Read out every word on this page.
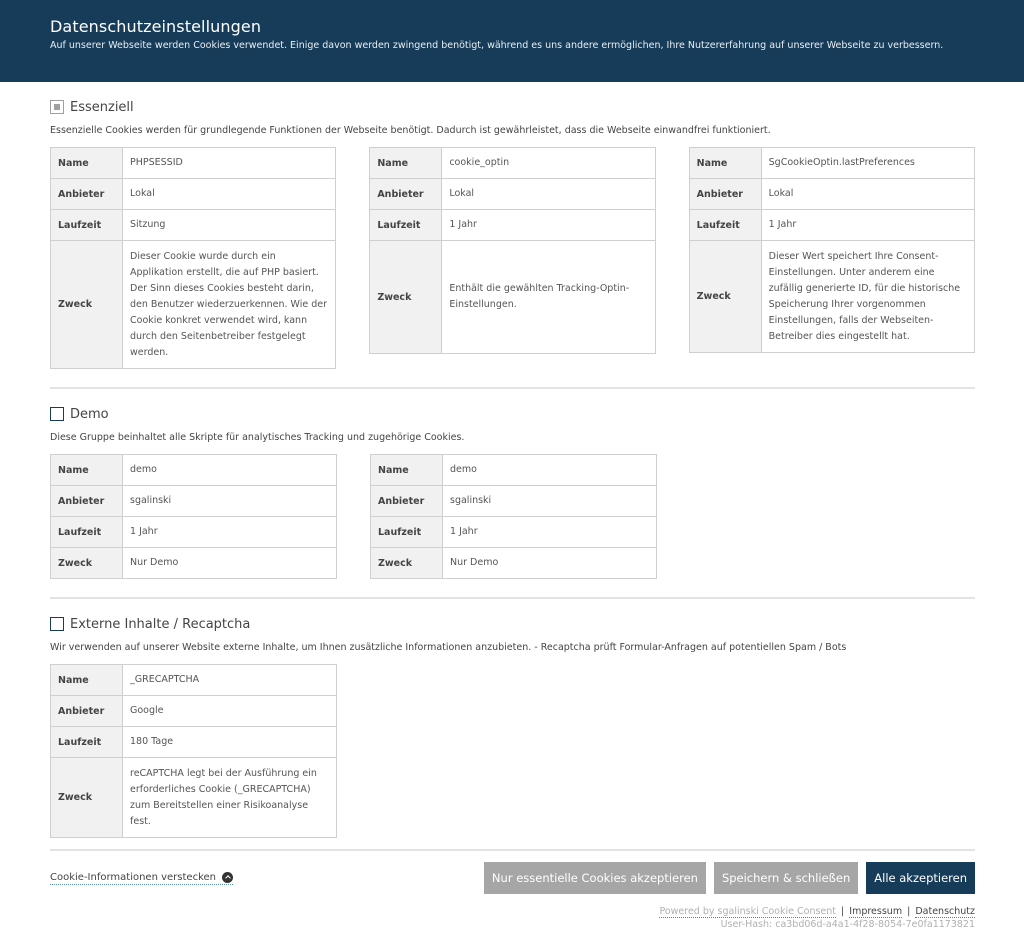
Datenschutzeinstellungen

Auf unserer Webseite werden Cookies verwendet. Einige davon werden zwingend benötigt, während es uns andere ermöglichen, Ihre Nutzererfahrung auf unserer Webseite zu verbessern.

Essenziell
Essenzielle Cookies werden für grundlegende Funktionen der Webseite benötigt. Dadurch ist gewährleistet, dass die Webseite einwandfrei funktioniert.
Name	PHPSESSID
Anbieter	Lokal
Laufzeit	Sitzung
Zweck	Dieser Cookie wurde durch ein Applikation erstellt, die auf PHP basiert. Der Sinn dieses Cookies besteht darin, den Benutzer wiederzuerkennen. Wie der Cookie konkret verwendet wird, kann durch den Seitenbetreiber festgelegt werden.
Name	cookie_optin
Anbieter	Lokal
Laufzeit	1 Jahr
Zweck	Enthält die gewählten Tracking-Optin-Einstellungen.
Name	SgCookieOptin.lastPreferences
Anbieter	Lokal
Laufzeit	1 Jahr
Zweck	Dieser Wert speichert Ihre Consent-Einstellungen. Unter anderem eine zufällig generierte ID, für die historische Speicherung Ihrer vorgenommen Einstellungen, falls der Webseiten-Betreiber dies eingestellt hat.
Demo
Diese Gruppe beinhaltet alle Skripte für analytisches Tracking und zugehörige Cookies.
Name	demo
Anbieter	sgalinski
Laufzeit	1 Jahr
Zweck	Nur Demo
Name	demo
Anbieter	sgalinski
Laufzeit	1 Jahr
Zweck	Nur Demo
Externe Inhalte / Recaptcha
Wir verwenden auf unserer Website externe Inhalte, um Ihnen zusätzliche Informationen anzubieten. - Recaptcha prüft Formular-Anfragen auf potentiellen Spam / Bots
Name	_GRECAPTCHA
Anbieter	Google
Laufzeit	180 Tage
Zweck	reCAPTCHA legt bei der Ausführung ein erforderliches Cookie (_GRECAPTCHA) zum Bereitstellen einer Risikoanalyse fest.
Cookie-Informationen verstecken	Nur essentielle Cookies akzeptieren	Speichern & schließen	Alle akzeptieren
Powered by sgalinski Cookie Consent | Impressum | Datenschutz
User-Hash: ca3bd06d-a4a1-4f28-8054-7e0fa1173821
